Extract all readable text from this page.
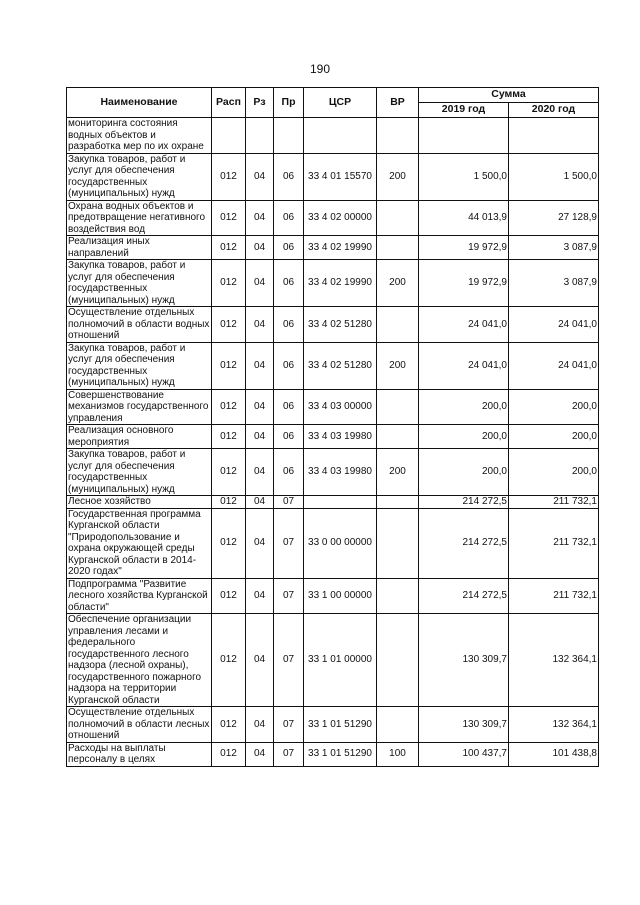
190
Наименование	Расп	Рз	Пр	ЦСР	ВР	Сумма	
						2019 год	2020 год
мониторинга состояния водных объектов и разработка мер по их охране							
Закупка товаров, работ и услуг для обеспечения государственных (муниципальных) нужд	012	04	06	33 4 01 15570	200	1 500,0	1 500,0
Охрана водных объектов и предотвращение негативного воздействия вод	012	04	06	33 4 02 00000		44 013,9	27 128,9
Реализация иных направлений	012	04	06	33 4 02 19990		19 972,9	3 087,9
Закупка товаров, работ и услуг для обеспечения государственных (муниципальных) нужд	012	04	06	33 4 02 19990	200	19 972,9	3 087,9
Осуществление отдельных полномочий в области водных отношений	012	04	06	33 4 02 51280		24 041,0	24 041,0
Закупка товаров, работ и услуг для обеспечения государственных (муниципальных) нужд	012	04	06	33 4 02 51280	200	24 041,0	24 041,0
Совершенствование механизмов государственного управления	012	04	06	33 4 03 00000		200,0	200,0
Реализация основного мероприятия	012	04	06	33 4 03 19980		200,0	200,0
Закупка товаров, работ и услуг для обеспечения государственных (муниципальных) нужд	012	04	06	33 4 03 19980	200	200,0	200,0
Лесное хозяйство	012	04	07			214 272,5	211 732,1
Государственная программа Курганской области "Природопользование и охрана окружающей среды Курганской области в 2014-2020 годах"	012	04	07	33 0 00 00000		214 272,5	211 732,1
Подпрограмма "Развитие лесного хозяйства Курганской области"	012	04	07	33 1 00 00000		214 272,5	211 732,1
Обеспечение организации управления лесами и федерального государственного лесного надзора (лесной охраны), государственного пожарного надзора на территории Курганской области	012	04	07	33 1 01 00000		130 309,7	132 364,1
Осуществление отдельных полномочий в области лесных отношений	012	04	07	33 1 01 51290		130 309,7	132 364,1
Расходы на выплаты персоналу в целях	012	04	07	33 1 01 51290	100	100 437,7	101 438,8
